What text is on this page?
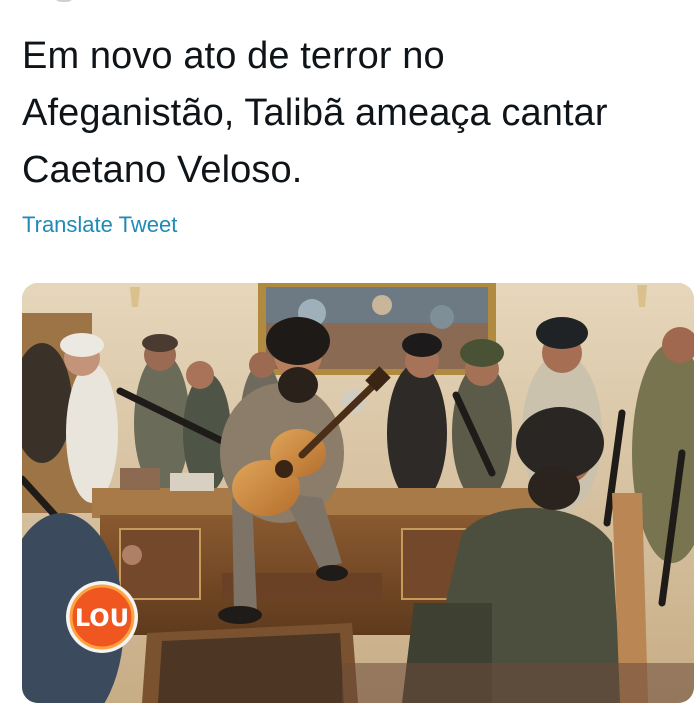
Em novo ato de terror no Afeganistão, Talibã ameaça cantar Caetano Veloso.

Translate Tweet
LOU
